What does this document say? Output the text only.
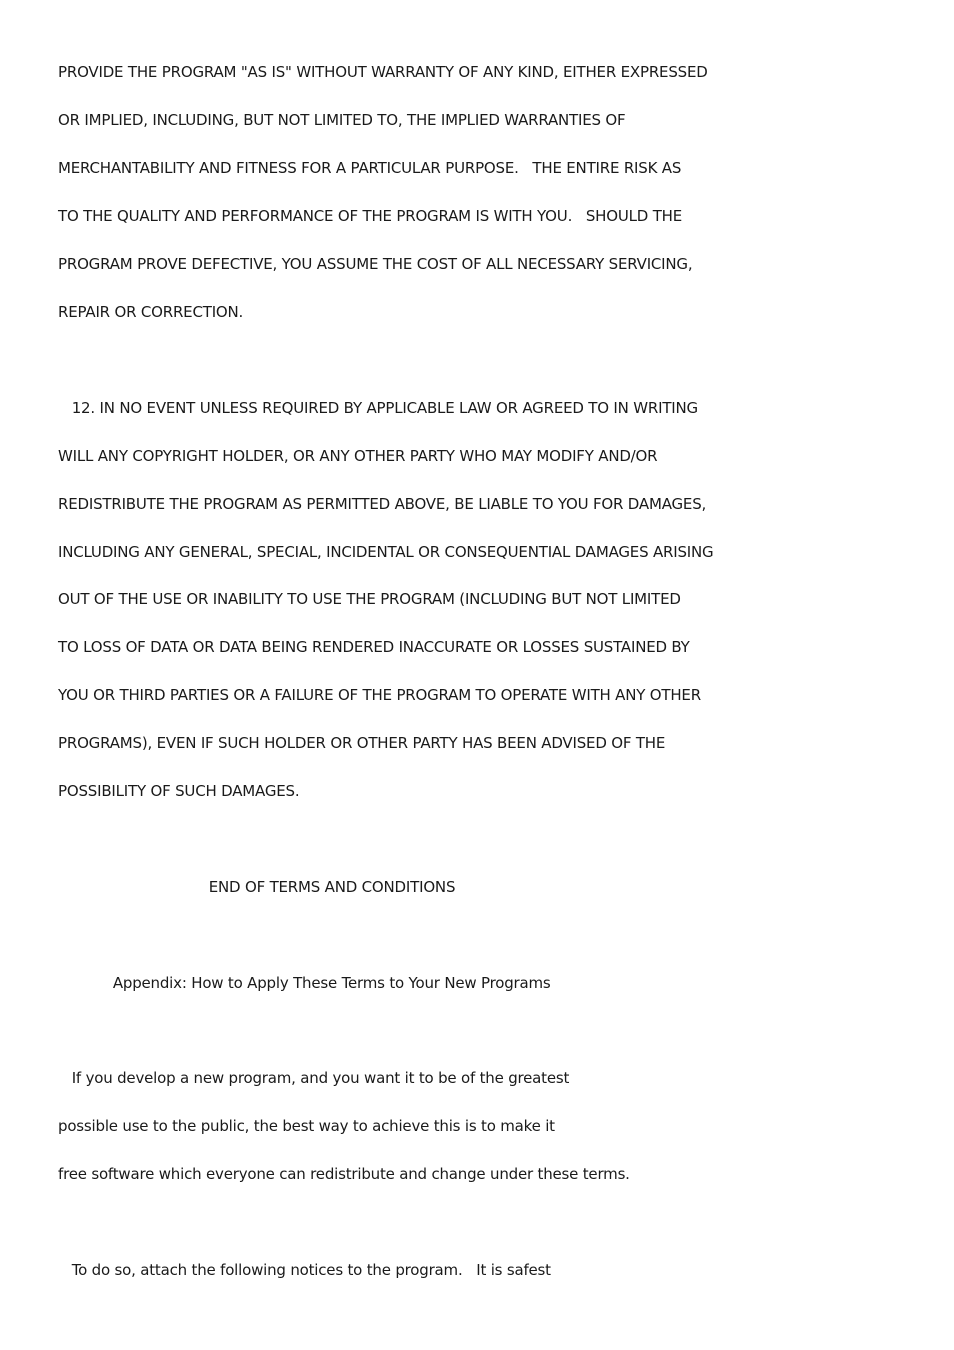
PROVIDE THE PROGRAM "AS IS" WITHOUT WARRANTY OF ANY KIND, EITHER EXPRESSED
OR IMPLIED, INCLUDING, BUT NOT LIMITED TO, THE IMPLIED WARRANTIES OF
MERCHANTABILITY AND FITNESS FOR A PARTICULAR PURPOSE.   THE ENTIRE RISK AS
TO THE QUALITY AND PERFORMANCE OF THE PROGRAM IS WITH YOU.   SHOULD THE
PROGRAM PROVE DEFECTIVE, YOU ASSUME THE COST OF ALL NECESSARY SERVICING,
REPAIR OR CORRECTION.
12. IN NO EVENT UNLESS REQUIRED BY APPLICABLE LAW OR AGREED TO IN WRITING
WILL ANY COPYRIGHT HOLDER, OR ANY OTHER PARTY WHO MAY MODIFY AND/OR
REDISTRIBUTE THE PROGRAM AS PERMITTED ABOVE, BE LIABLE TO YOU FOR DAMAGES,
INCLUDING ANY GENERAL, SPECIAL, INCIDENTAL OR CONSEQUENTIAL DAMAGES ARISING
OUT OF THE USE OR INABILITY TO USE THE PROGRAM (INCLUDING BUT NOT LIMITED
TO LOSS OF DATA OR DATA BEING RENDERED INACCURATE OR LOSSES SUSTAINED BY
YOU OR THIRD PARTIES OR A FAILURE OF THE PROGRAM TO OPERATE WITH ANY OTHER
PROGRAMS), EVEN IF SUCH HOLDER OR OTHER PARTY HAS BEEN ADVISED OF THE
POSSIBILITY OF SUCH DAMAGES.
END OF TERMS AND CONDITIONS
Appendix: How to Apply These Terms to Your New Programs
If you develop a new program, and you want it to be of the greatest
possible use to the public, the best way to achieve this is to make it
free software which everyone can redistribute and change under these terms.
To do so, attach the following notices to the program.   It is safest
